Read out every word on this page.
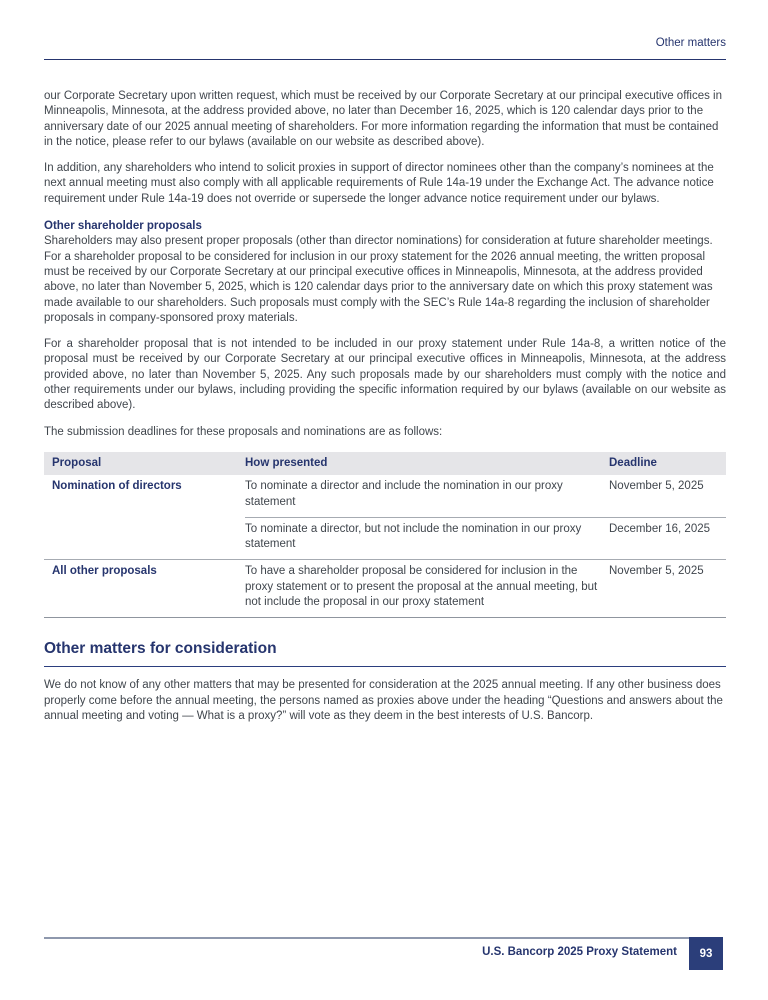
Other matters

our Corporate Secretary upon written request, which must be received by our Corporate Secretary at our principal executive offices in Minneapolis, Minnesota, at the address provided above, no later than December 16, 2025, which is 120 calendar days prior to the anniversary date of our 2025 annual meeting of shareholders. For more information regarding the information that must be contained in the notice, please refer to our bylaws (available on our website as described above).

In addition, any shareholders who intend to solicit proxies in support of director nominees other than the company’s nominees at the next annual meeting must also comply with all applicable requirements of Rule 14a-19 under the Exchange Act. The advance notice requirement under Rule 14a-19 does not override or supersede the longer advance notice requirement under our bylaws.

Other shareholder proposals

Shareholders may also present proper proposals (other than director nominations) for consideration at future shareholder meetings. For a shareholder proposal to be considered for inclusion in our proxy statement for the 2026 annual meeting, the written proposal must be received by our Corporate Secretary at our principal executive offices in Minneapolis, Minnesota, at the address provided above, no later than November 5, 2025, which is 120 calendar days prior to the anniversary date on which this proxy statement was made available to our shareholders. Such proposals must comply with the SEC’s Rule 14a-8 regarding the inclusion of shareholder proposals in company-sponsored proxy materials.

For a shareholder proposal that is not intended to be included in our proxy statement under Rule 14a-8, a written notice of the proposal must be received by our Corporate Secretary at our principal executive offices in Minneapolis, Minnesota, at the address provided above, no later than November 5, 2025. Any such proposals made by our shareholders must comply with the notice and other requirements under our bylaws, including providing the specific information required by our bylaws (available on our website as described above).

The submission deadlines for these proposals and nominations are as follows:

Proposal	How presented	Deadline
Nomination of directors	To nominate a director and include the nomination in our proxy statement	November 5, 2025
	To nominate a director, but not include the nomination in our proxy statement	December 16, 2025
All other proposals	To have a shareholder proposal be considered for inclusion in the proxy statement or to present the proposal at the annual meeting, but not include the proposal in our proxy statement	November 5, 2025
Other matters for consideration

We do not know of any other matters that may be presented for consideration at the 2025 annual meeting. If any other business does properly come before the annual meeting, the persons named as proxies above under the heading “Questions and answers about the annual meeting and voting — What is a proxy?” will vote as they deem in the best interests of U.S. Bancorp.

U.S. Bancorp 2025 Proxy Statement	93
